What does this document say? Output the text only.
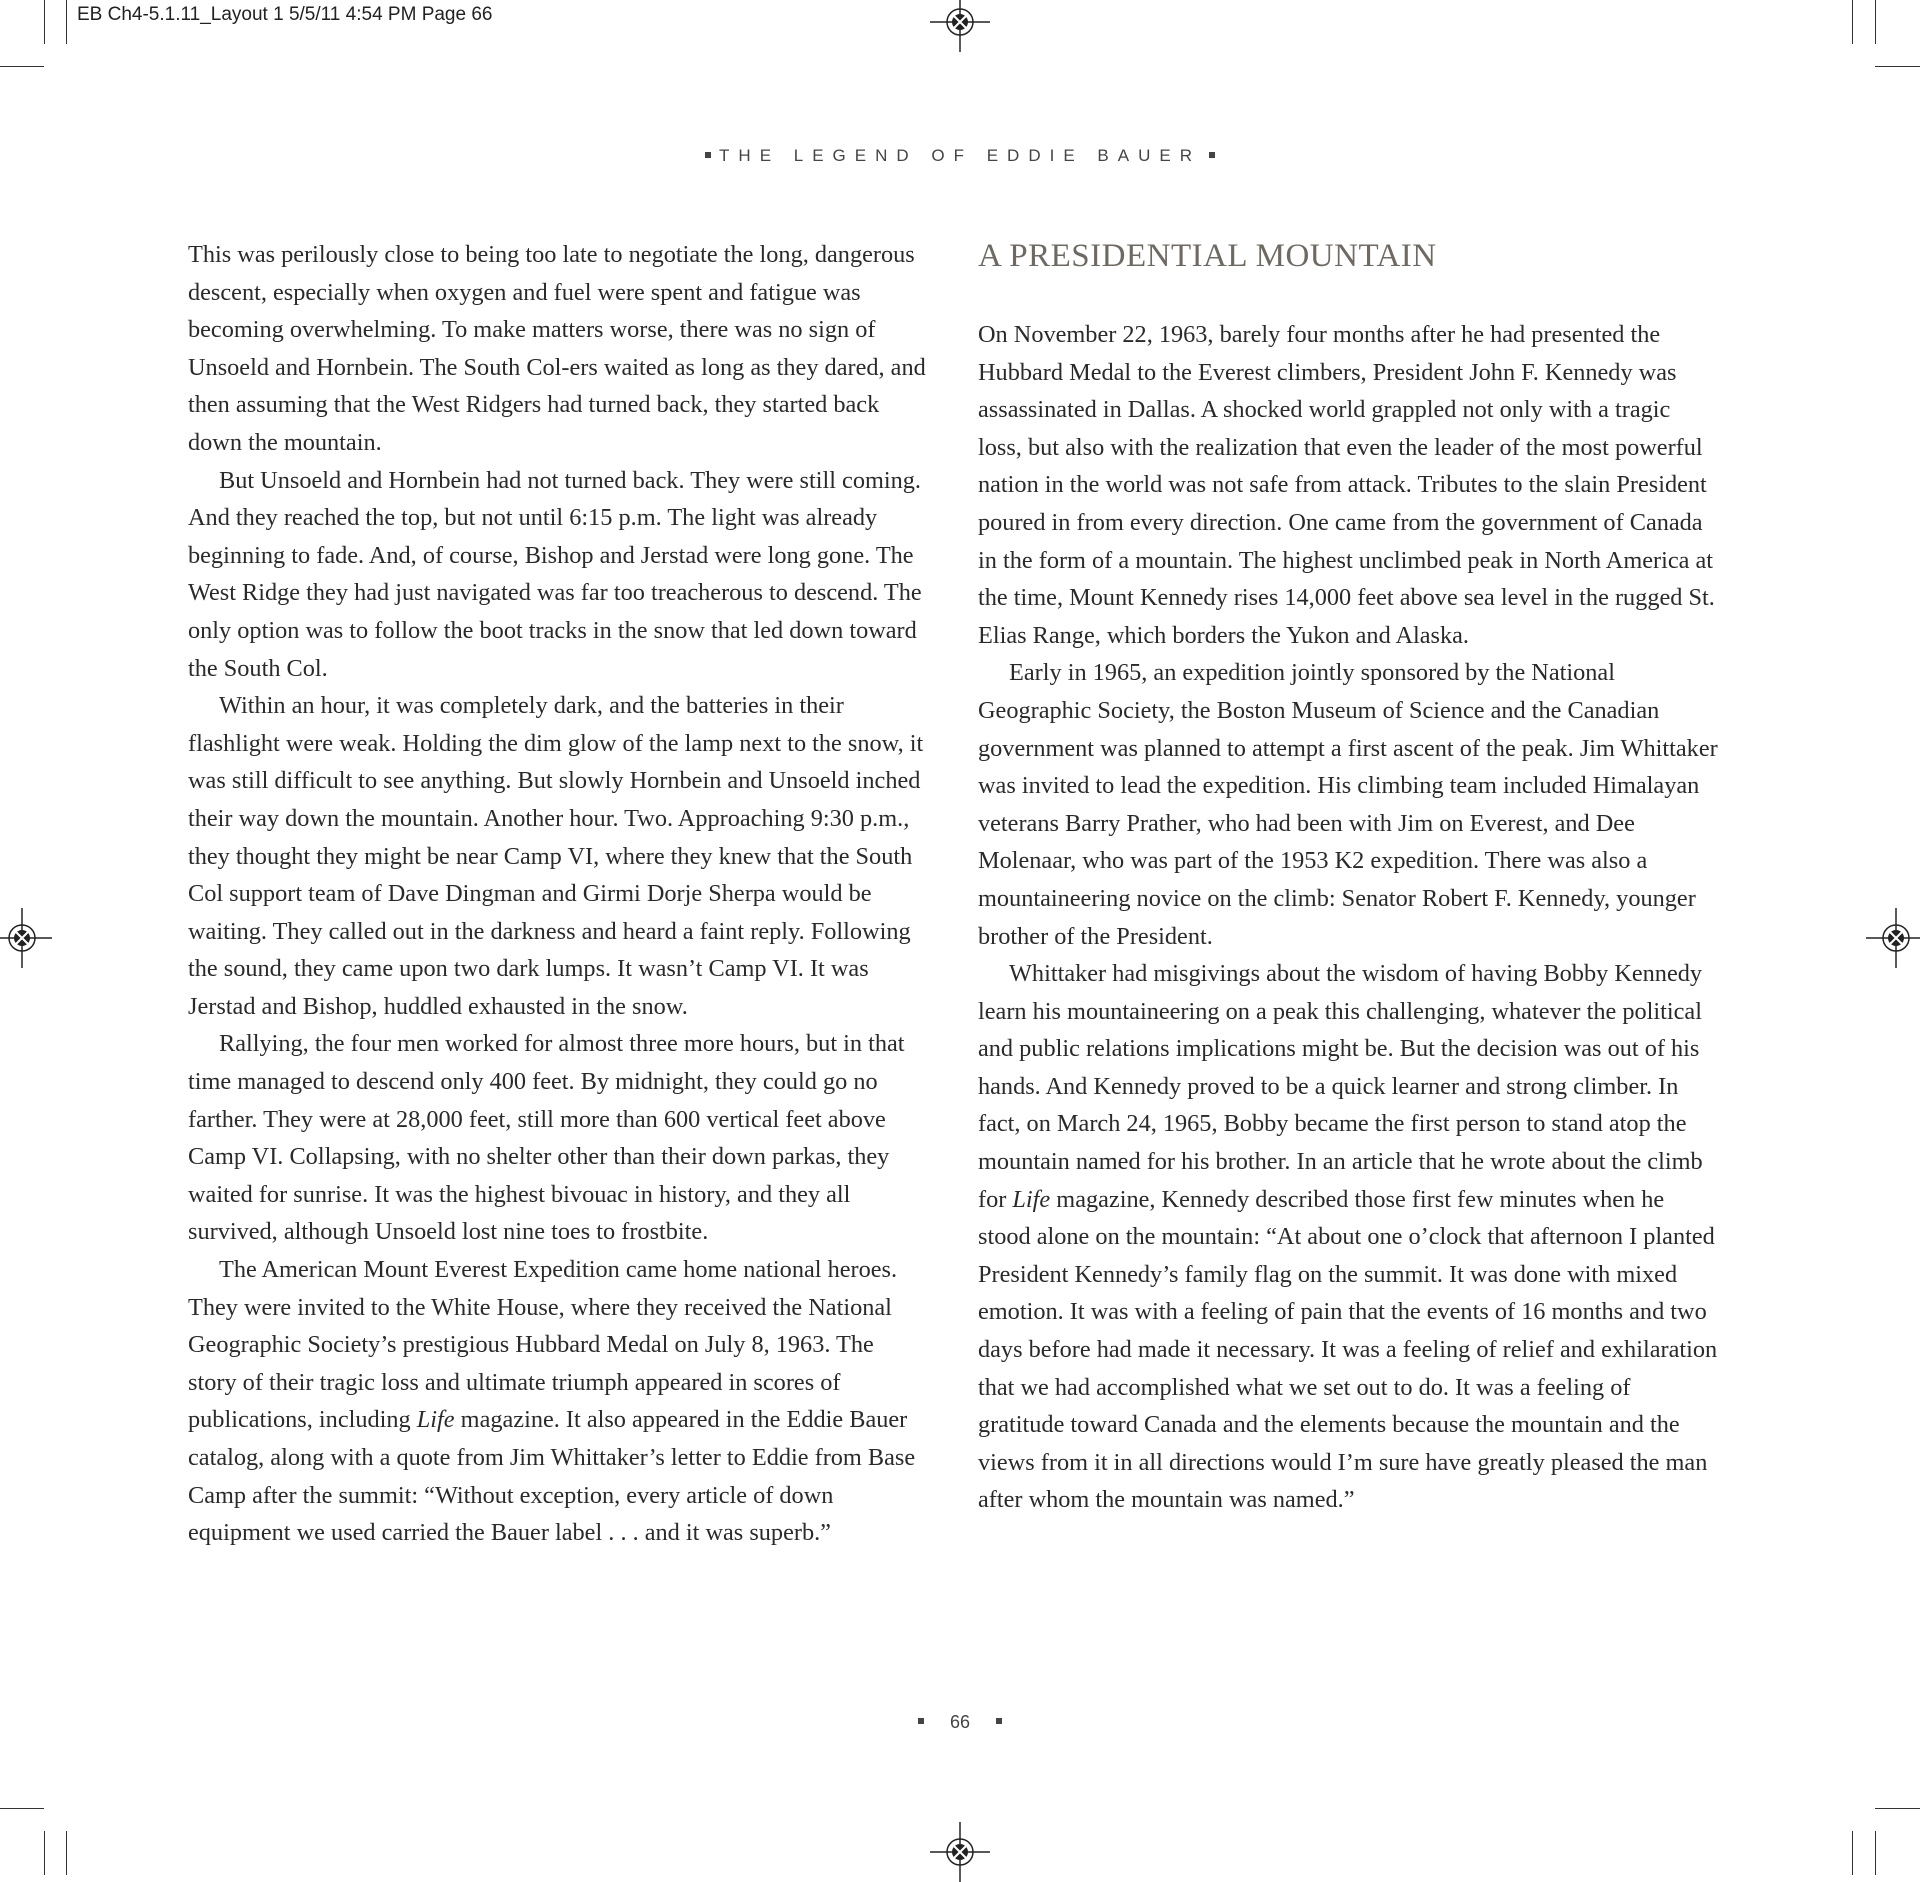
EB Ch4-5.1.11_Layout 1 5/5/11 4:54 PM Page 66
THE LEGEND OF EDDIE BAUER

This was perilously close to being too late to negotiate the long, dangerous descent, especially when oxygen and fuel were spent and fatigue was becoming overwhelming. To make matters worse, there was no sign of Unsoeld and Hornbein. The South Col-ers waited as long as they dared, and then assuming that the West Ridgers had turned back, they started back down the mountain.

But Unsoeld and Hornbein had not turned back. They were still coming. And they reached the top, but not until 6:15 p.m. The light was already beginning to fade. And, of course, Bishop and Jerstad were long gone. The West Ridge they had just navigated was far too treacherous to descend. The only option was to follow the boot tracks in the snow that led down toward the South Col.

Within an hour, it was completely dark, and the batteries in their flashlight were weak. Holding the dim glow of the lamp next to the snow, it was still difficult to see anything. But slowly Hornbein and Unsoeld inched their way down the mountain. Another hour. Two. Approaching 9:30 p.m., they thought they might be near Camp VI, where they knew that the South Col support team of Dave Dingman and Girmi Dorje Sherpa would be waiting. They called out in the darkness and heard a faint reply. Following the sound, they came upon two dark lumps. It wasn’t Camp VI. It was Jerstad and Bishop, huddled exhausted in the snow.

Rallying, the four men worked for almost three more hours, but in that time managed to descend only 400 feet. By midnight, they could go no farther. They were at 28,000 feet, still more than 600 vertical feet above Camp VI. Collapsing, with no shelter other than their down parkas, they waited for sunrise. It was the highest bivouac in history, and they all survived, although Unsoeld lost nine toes to frostbite.

The American Mount Everest Expedition came home national heroes. They were invited to the White House, where they received the National Geographic Society’s prestigious Hubbard Medal on July 8, 1963. The story of their tragic loss and ultimate triumph appeared in scores of publications, including Life magazine. It also appeared in the Eddie Bauer catalog, along with a quote from Jim Whittaker’s letter to Eddie from Base Camp after the summit: “Without exception, every article of down equipment we used carried the Bauer label . . . and it was superb.”

A PRESIDENTIAL MOUNTAIN

On November 22, 1963, barely four months after he had presented the Hubbard Medal to the Everest climbers, President John F. Kennedy was assassinated in Dallas. A shocked world grappled not only with a tragic loss, but also with the realization that even the leader of the most powerful nation in the world was not safe from attack. Tributes to the slain President poured in from every direction. One came from the government of Canada in the form of a mountain. The highest unclimbed peak in North America at the time, Mount Kennedy rises 14,000 feet above sea level in the rugged St. Elias Range, which borders the Yukon and Alaska.

Early in 1965, an expedition jointly sponsored by the National Geographic Society, the Boston Museum of Science and the Canadian government was planned to attempt a first ascent of the peak. Jim Whittaker was invited to lead the expedition. His climbing team included Himalayan veterans Barry Prather, who had been with Jim on Everest, and Dee Molenaar, who was part of the 1953 K2 expedition. There was also a mountaineering novice on the climb: Senator Robert F. Kennedy, younger brother of the President.

Whittaker had misgivings about the wisdom of having Bobby Kennedy learn his mountaineering on a peak this challenging, whatever the political and public relations implications might be. But the decision was out of his hands. And Kennedy proved to be a quick learner and strong climber. In fact, on March 24, 1965, Bobby became the first person to stand atop the mountain named for his brother. In an article that he wrote about the climb for Life magazine, Kennedy described those first few minutes when he stood alone on the mountain: “At about one o’clock that afternoon I planted President Kennedy’s family flag on the summit. It was done with mixed emotion. It was with a feeling of pain that the events of 16 months and two days before had made it necessary. It was a feeling of relief and exhilaration that we had accomplished what we set out to do. It was a feeling of gratitude toward Canada and the elements because the mountain and the views from it in all directions would I’m sure have greatly pleased the man after whom the mountain was named.”

66
